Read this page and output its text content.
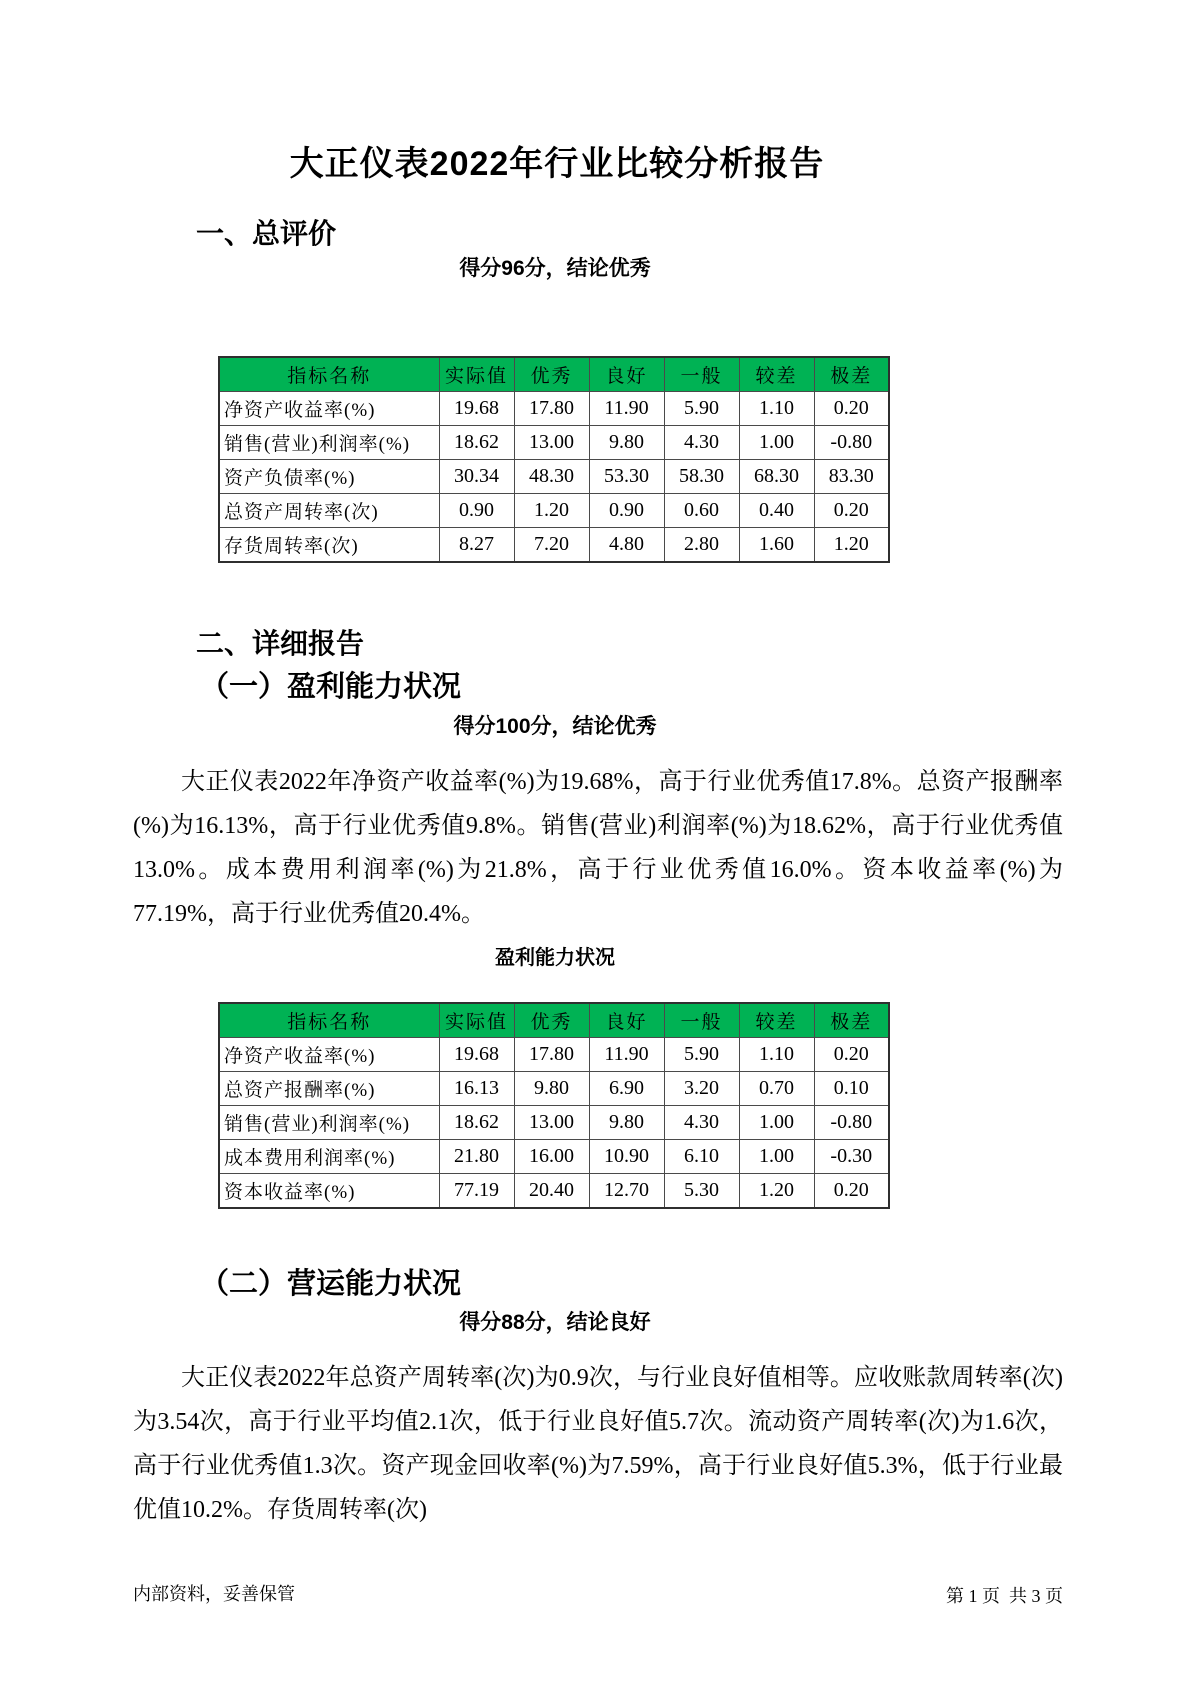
大正仪表2022年行业比较分析报告
一、总评价
得分96分，结论优秀
指标名称	实际值	优秀	良好	一般	较差	极差
净资产收益率(%)	19.68	17.80	11.90	5.90	1.10	0.20
销售(营业)利润率(%)	18.62	13.00	9.80	4.30	1.00	-0.80
资产负债率(%)	30.34	48.30	53.30	58.30	68.30	83.30
总资产周转率(次)	0.90	1.20	0.90	0.60	0.40	0.20
存货周转率(次)	8.27	7.20	4.80	2.80	1.60	1.20
二、详细报告
（一）盈利能力状况
得分100分，结论优秀
大正仪表2022年净资产收益率(%)为19.68%，高于行业优秀值17.8%。总资产报酬率(%)为16.13%，高于行业优秀值9.8%。销售(营业)利润率(%)为18.62%，高于行业优秀值13.0%。成本费用利润率(%)为21.8%，高于行业优秀值16.0%。资本收益率(%)为77.19%，高于行业优秀值20.4%。
盈利能力状况
指标名称	实际值	优秀	良好	一般	较差	极差
净资产收益率(%)	19.68	17.80	11.90	5.90	1.10	0.20
总资产报酬率(%)	16.13	9.80	6.90	3.20	0.70	0.10
销售(营业)利润率(%)	18.62	13.00	9.80	4.30	1.00	-0.80
成本费用利润率(%)	21.80	16.00	10.90	6.10	1.00	-0.30
资本收益率(%)	77.19	20.40	12.70	5.30	1.20	0.20
（二）营运能力状况
得分88分，结论良好
大正仪表2022年总资产周转率(次)为0.9次，与行业良好值相等。应收账款周转率(次)为3.54次，高于行业平均值2.1次，低于行业良好值5.7次。流动资产周转率(次)为1.6次，高于行业优秀值1.3次。资产现金回收率(%)为7.59%，高于行业良好值5.3%，低于行业最优值10.2%。存货周转率(次)
内部资料，妥善保管	第 1 页  共 3 页
